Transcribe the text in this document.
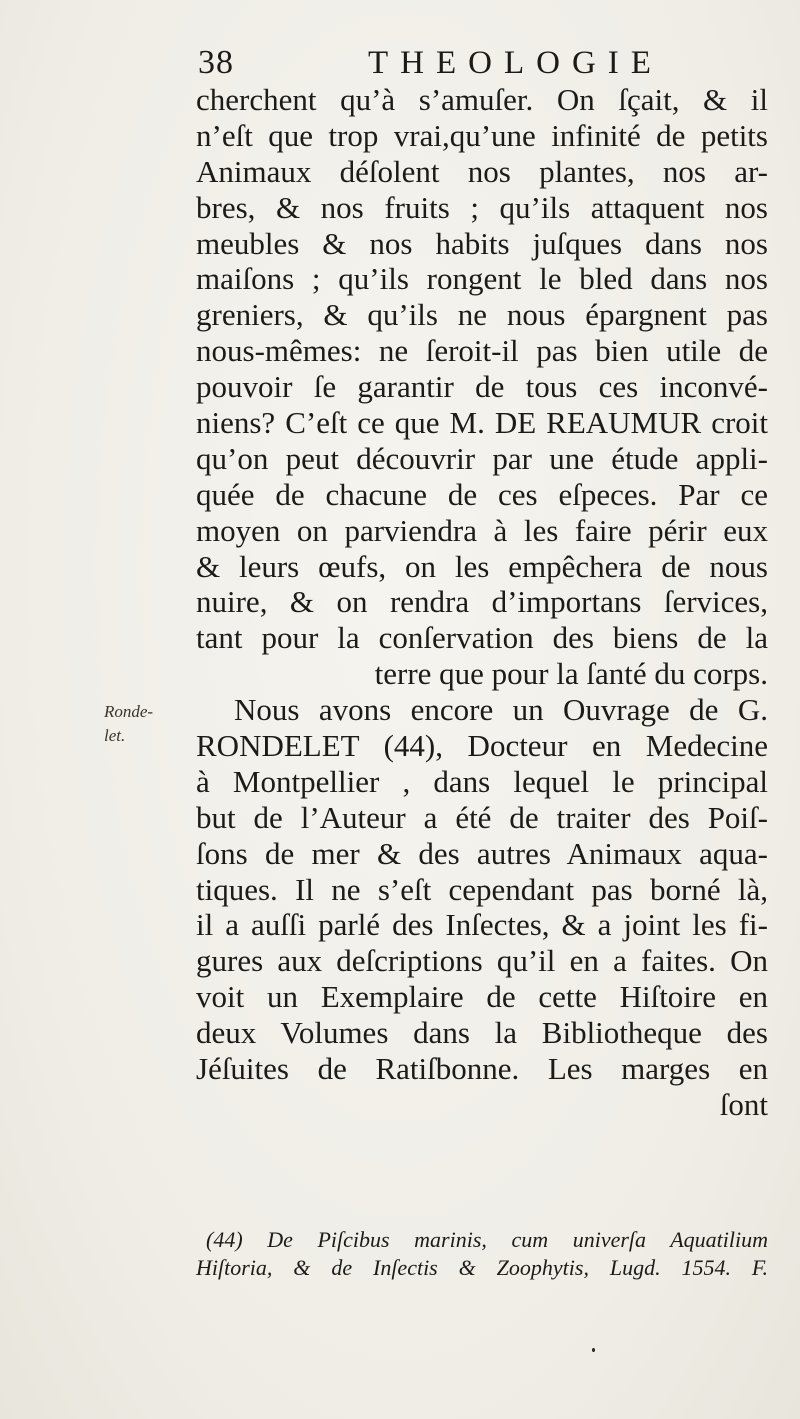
38	THEOLOGIE
Ronde-
let.
cherchent qu’à s’amuſer. On ſçait, & il
n’eſt que trop vrai,qu’une infinité de petits
Animaux déſolent nos plantes, nos ar-
bres, & nos fruits ; qu’ils attaquent nos
meubles & nos habits juſques dans nos
maiſons ; qu’ils rongent le bled dans nos
greniers, & qu’ils ne nous épargnent pas
nous-mêmes: ne ſeroit-il pas bien utile de
pouvoir ſe garantir de tous ces inconvé-
niens? C’eſt ce que M. DE REAUMUR croit
qu’on peut découvrir par une étude appli-
quée de chacune de ces eſpeces. Par ce
moyen on parviendra à les faire périr eux
& leurs œufs, on les empêchera de nous
nuire, & on rendra d’importans ſervices,
tant pour la conſervation des biens de la
terre que pour la ſanté du corps.
Nous avons encore un Ouvrage de G.
RONDELET (44), Docteur en Medecine
à Montpellier , dans lequel le principal
but de l’Auteur a été de traiter des Poiſ-
ſons de mer & des autres Animaux aqua-
tiques. Il ne s’eſt cependant pas borné là,
il a auſſi parlé des Inſectes, & a joint les fi-
gures aux deſcriptions qu’il en a faites. On
voit un Exemplaire de cette Hiſtoire en
deux Volumes dans la Bibliotheque des
Jéſuites de Ratiſbonne. Les marges en
ſont
(44) De Piſcibus marinis, cum univerſa Aquatilium
Hiſtoria, & de Inſectis & Zoophytis, Lugd. 1554. F.
